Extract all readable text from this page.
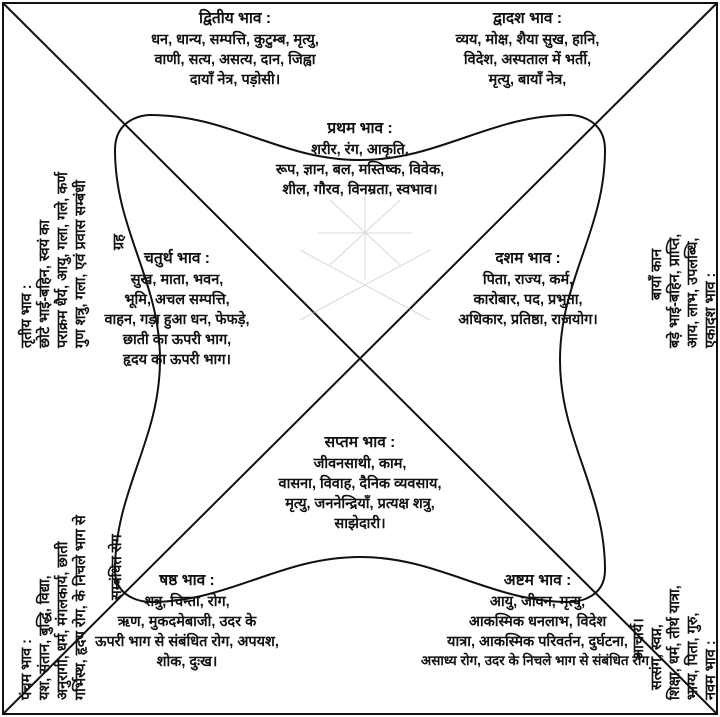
प्रथम भाव :
शरीर, रंग, आकृति,
रूप, ज्ञान, बल, मस्तिष्क, विवेक,
शील, गौरव, विनम्रता, स्वभाव।
द्वितीय भाव :
धन, धान्य, सम्पत्ति, कुटुम्ब, मृत्यु,
वाणी, सत्य, असत्य, दान, जिह्वा
दायाँ नेत्र, पड़ोसी।
द्वादश भाव :
व्यय, मोक्ष, शैया सुख, हानि,
विदेश, अस्पताल में भर्ती,
मृत्यु, बायाँ नेत्र,
चतुर्थ भाव :
सुख, माता, भवन,
भूमि, अचल सम्पत्ति,
वाहन, गड़ा हुआ धन, फेफड़े,
छाती का ऊपरी भाग,
हृदय का ऊपरी भाग।
दशम भाव :
पिता, राज्य, कर्म,
कारोबार, पद, प्रभुता,
अधिकार, प्रतिष्ठा, राजयोग।
सप्तम भाव :
जीवनसाथी, काम,
वासना, विवाह, दैनिक व्यवसाय,
मृत्यु, जननेन्द्रियाँ, प्रत्यक्ष शत्रु,
साझेदारी।
षष्ठ भाव :
शत्रु, चिन्ता, रोग,
ऋण, मुकदमेबाजी, उदर के
ऊपरी भाग से संबंधित रोग, अपयश,
शोक, दुःख।
अष्टम भाव :
आयु, जीवन, मृत्यु,
आकस्मिक धनलाभ, विदेश
यात्रा, आकस्मिक परिवर्तन, दुर्घटना,
असाध्य रोग, उदर के निचले भाग से संबंधित रोग।
तृतीय भाव : छोटे भाई-बहिन, स्वयं का पराक्रम धैर्य, आयु, गला, गले, कर्ण गुण शत्रु, गला, एवं प्रवास सम्बंधी ग्रह
पंचम भाव : यश, संतान, बुद्धि, विद्या, अनुरागी, धर्म, मंगलकार्य, छाती गर्भिस्थ, हृदय रोग, के निचले भाग से सम्बंधित रोग
एकादश भाव :
आय, लाभ, उपलब्धि,
बड़े भाई-बहिन, प्राप्ति,
बायाँ कान
नवम भाव :
भाग्य, पिता, गुरु,
शिक्षा, धर्म, तीर्थ यात्रा,
सत्संग, स्वप्न,
आचार्य।
